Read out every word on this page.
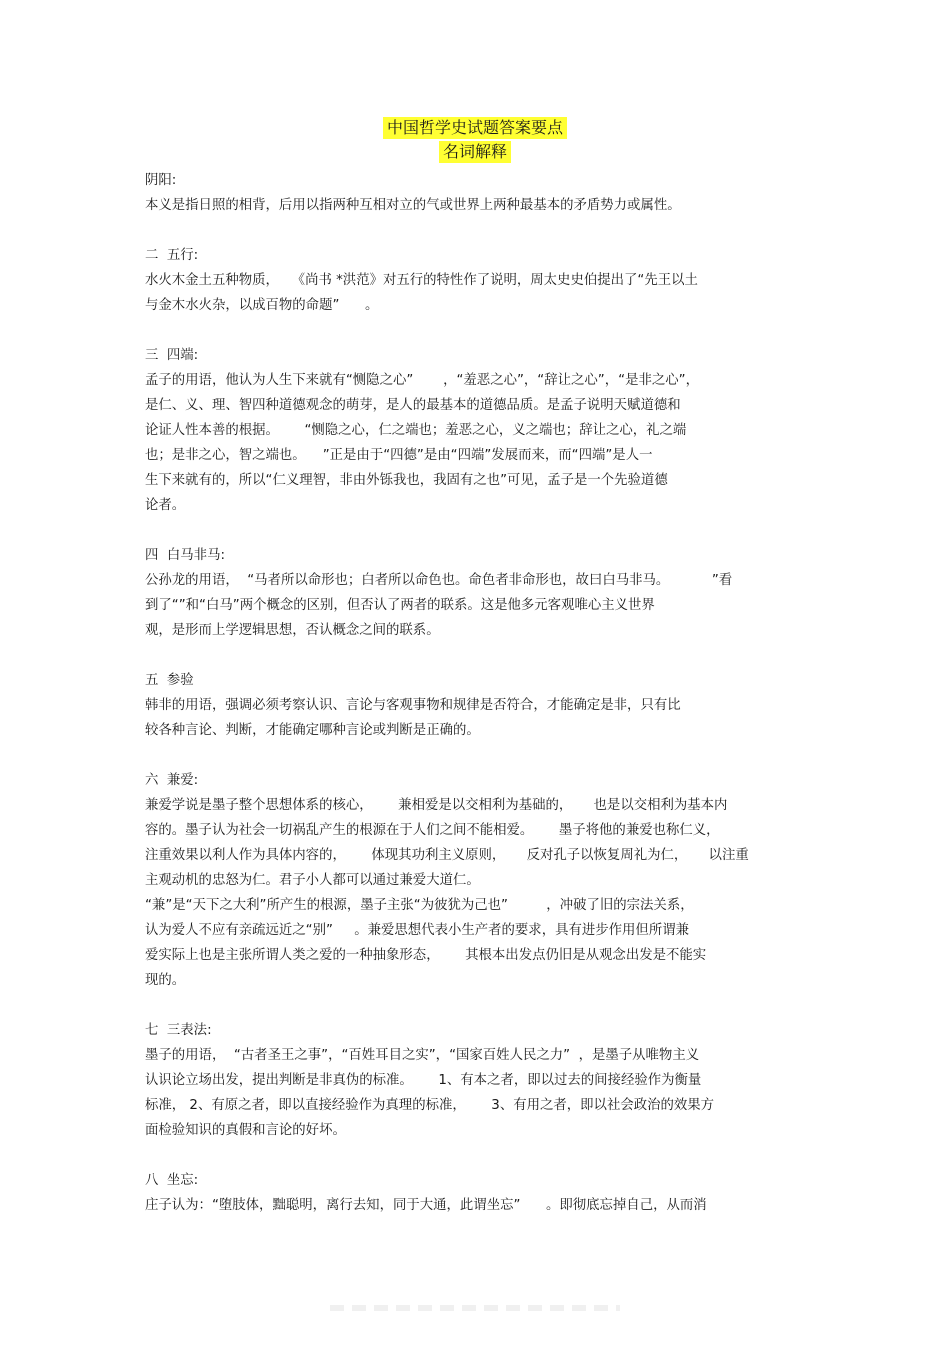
中国哲学史试题答案要点
名词解释

阴阳:

本义是指日照的相背，后用以指两种互相对立的气或世界上两种最基本的矛盾势力或属性。

二  五行:

水火木金土五种物质，   《尚书 *洪范》对五行的特性作了说明，周太史史伯提出了“先王以土

与金木水火杂，以成百物的命题”      。

三  四端:

孟子的用语，他认为人生下来就有“恻隐之心”       ，“羞恶之心”，“辞让之心”，“是非之心”，

是仁、义、理、智四种道德观念的萌芽，是人的最基本的道德品质。是孟子说明天赋道德和

论证人性本善的根据。      “恻隐之心，仁之端也；羞恶之心，义之端也；辞让之心，礼之端

也；是非之心，智之端也。    ”正是由于“四德”是由“四端”发展而来，而“四端”是人一

生下来就有的，所以“仁义理智，非由外铄我也，我固有之也”可见，孟子是一个先验道德

论者。

四  白马非马:

公孙龙的用语，  “马者所以命形也；白者所以命色也。命色者非命形也，故曰白马非马。          ”看

到了“”和“白马”两个概念的区别，但否认了两者的联系。这是他多元客观唯心主义世界

观，是形而上学逻辑思想，否认概念之间的联系。

五  参验

韩非的用语，强调必须考察认识、言论与客观事物和规律是否符合，才能确定是非，只有比

较各种言论、判断，才能确定哪种言论或判断是正确的。

六  兼爱:

兼爱学说是墨子整个思想体系的核心，      兼相爱是以交相利为基础的，     也是以交相利为基本内

容的。墨子认为社会一切祸乱产生的根源在于人们之间不能相爱。      墨子将他的兼爱也称仁义，

注重效果以利人作为具体内容的，      体现其功利主义原则，     反对孔子以恢复周礼为仁，     以注重

主观动机的忠怒为仁。君子小人都可以通过兼爱大道仁。

“兼”是“天下之大利”所产生的根源，墨子主张“为彼犹为己也”         ，冲破了旧的宗法关系，

认为爱人不应有亲疏远近之“别”     。兼爱思想代表小生产者的要求，具有进步作用但所谓兼

爱实际上也是主张所谓人类之爱的一种抽象形态，      其根本出发点仍旧是从观念出发是不能实

现的。

七  三表法:

墨子的用语，  “古者圣王之事”，“百姓耳目之实”，“国家百姓人民之力”  ，是墨子从唯物主义

认识论立场出发，提出判断是非真伪的标准。      1、有本之者，即以过去的间接经验作为衡量

标准， 2、有原之者，即以直接经验作为真理的标准，      3、有用之者，即以社会政治的效果方

面检验知识的真假和言论的好坏。

八  坐忘:

庄子认为：“堕肢体，黜聪明，离行去知，同于大通，此谓坐忘”      。即彻底忘掉自己，从而消
